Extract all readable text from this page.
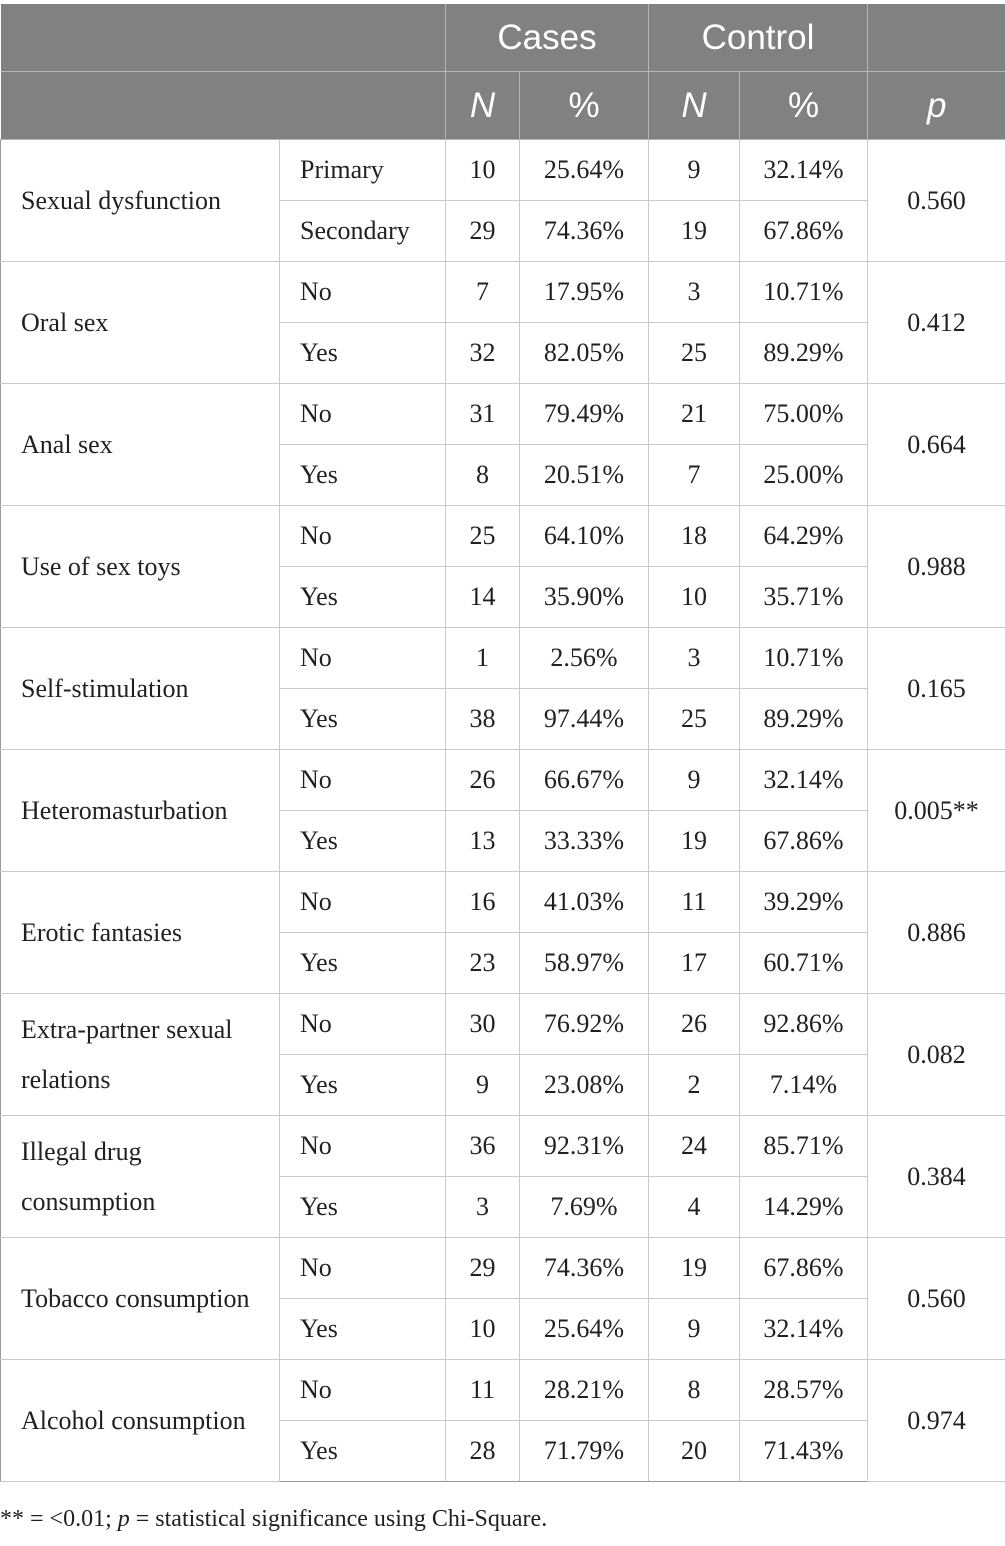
		Cases		Control		
		N	%	N	%	p
Sexual dysfunction	Primary	10	25.64%	9	32.14%	0.560
	Secondary	29	74.36%	19	67.86%	
Oral sex	No	7	17.95%	3	10.71%	0.412
	Yes	32	82.05%	25	89.29%	
Anal sex	No	31	79.49%	21	75.00%	0.664
	Yes	8	20.51%	7	25.00%	
Use of sex toys	No	25	64.10%	18	64.29%	0.988
	Yes	14	35.90%	10	35.71%	
Self-stimulation	No	1	2.56%	3	10.71%	0.165
	Yes	38	97.44%	25	89.29%	
Heteromasturbation	No	26	66.67%	9	32.14%	0.005**
	Yes	13	33.33%	19	67.86%	
Erotic fantasies	No	16	41.03%	11	39.29%	0.886
	Yes	23	58.97%	17	60.71%	
Extra-partner sexual relations	No	30	76.92%	26	92.86%	0.082
	Yes	9	23.08%	2	7.14%	
Illegal drug consumption	No	36	92.31%	24	85.71%	0.384
	Yes	3	7.69%	4	14.29%	
Tobacco consumption	No	29	74.36%	19	67.86%	0.560
	Yes	10	25.64%	9	32.14%	
Alcohol consumption	No	11	28.21%	8	28.57%	0.974
	Yes	28	71.79%	20	71.43%	
** = <0.01; p = statistical significance using Chi-Square.
